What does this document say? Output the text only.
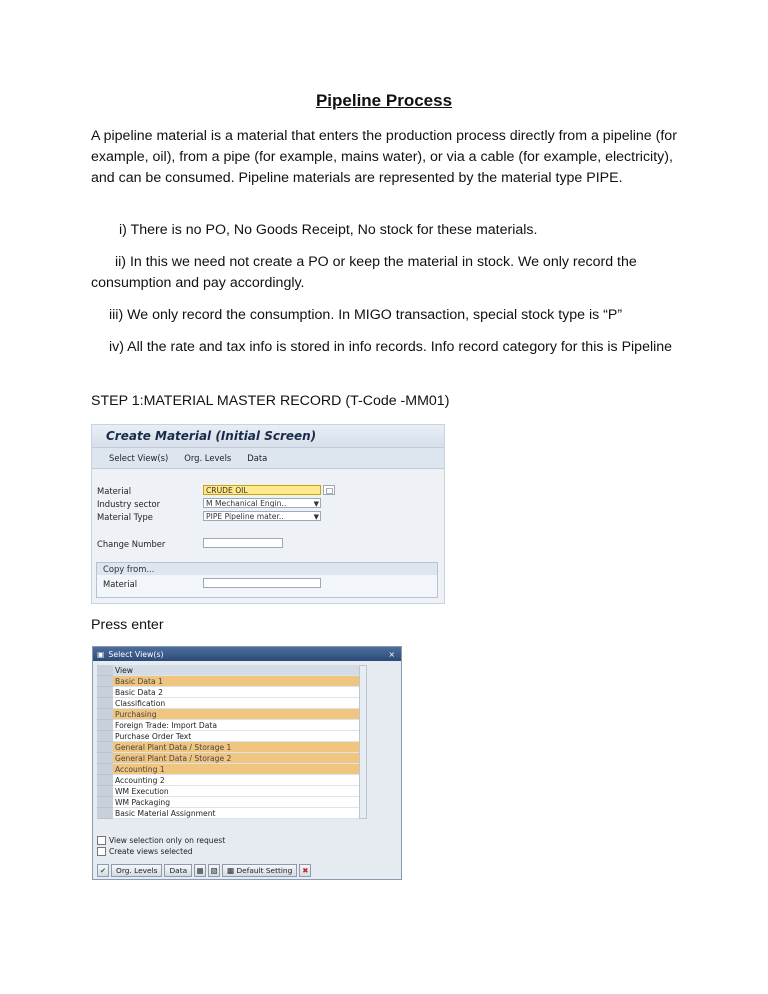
Pipeline Process

A pipeline material is a material that enters the production process directly from a pipeline (for example, oil), from a pipe (for example, mains water), or via a cable (for example, electricity), and can be consumed. Pipeline materials are represented by the material type PIPE.

i) There is no PO, No Goods Receipt, No stock for these materials.

ii) In this we need not create a PO or keep the material in stock. We only record the consumption and pay accordingly.

iii) We only record the consumption. In MIGO transaction, special stock type is “P”

iv) All the rate and tax info is stored in info records. Info record category for this is Pipeline

STEP 1:MATERIAL MASTER RECORD (T-Code -MM01)

Create Material (Initial Screen)
Select View(s) Org. Levels Data
Material	CRUDE OIL	□
Industry sector	M Mechanical Engin..	▼
Material Type	PIPE Pipeline mater..	▼
Change Number
Copy from...
Material

Press enter

▣ Select View(s)	×
View
Basic Data 1
Basic Data 2
Classification
Purchasing
Foreign Trade: Import Data
Purchase Order Text
General Plant Data / Storage 1
General Plant Data / Storage 2
Accounting 1
Accounting 2
WM Execution
WM Packaging
Basic Material Assignment
View selection only on request
Create views selected
✔	Org. Levels	Data	▦ ▧	▩ Default Setting	✖
